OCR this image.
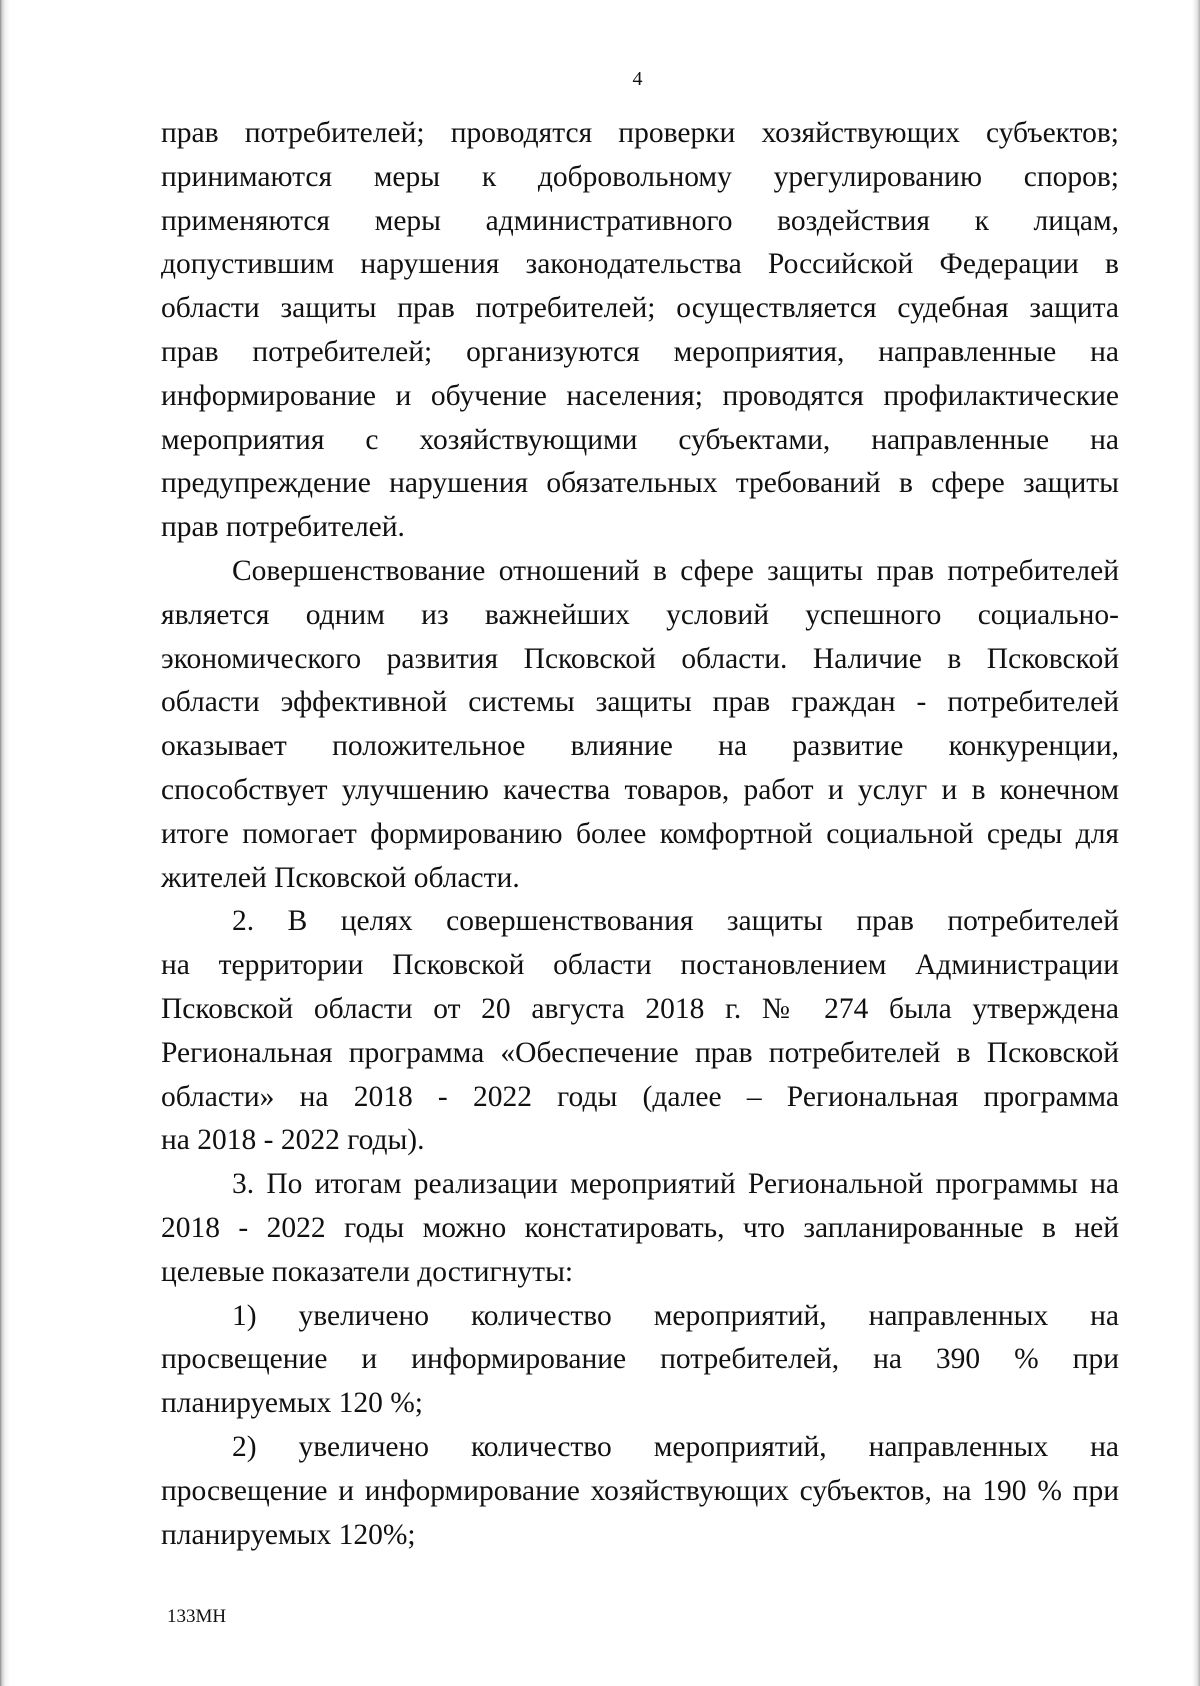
4

прав потребителей; проводятся проверки хозяйствующих субъектов;
принимаются меры к добровольному урегулированию споров;
применяются меры административного воздействия к лицам,
допустившим нарушения законодательства Российской Федерации в
области защиты прав потребителей; осуществляется судебная защита
прав потребителей; организуются мероприятия, направленные на
информирование и обучение населения; проводятся профилактические
мероприятия с хозяйствующими субъектами, направленные на
предупреждение нарушения обязательных требований в сфере защиты
прав потребителей.

Совершенствование отношений в сфере защиты прав потребителей
является одним из важнейших условий успешного социально-
экономического развития Псковской области. Наличие в Псковской
области эффективной системы защиты прав граждан - потребителей
оказывает положительное влияние на развитие конкуренции,
способствует улучшению качества товаров, работ и услуг и в конечном
итоге помогает формированию более комфортной социальной среды для
жителей Псковской области.

2. В целях совершенствования защиты прав потребителей
на территории Псковской области постановлением Администрации
Псковской области от 20 августа 2018 г. № 274 была утверждена
Региональная программа «Обеспечение прав потребителей в Псковской
области» на 2018 - 2022 годы (далее – Региональная программа
на 2018 - 2022 годы).

3. По итогам реализации мероприятий Региональной программы на
2018 - 2022 годы можно констатировать, что запланированные в ней
целевые показатели достигнуты:

1) увеличено количество мероприятий, направленных на
просвещение и информирование потребителей, на 390 % при
планируемых 120 %;

2) увеличено количество мероприятий, направленных на
просвещение и информирование хозяйствующих субъектов, на 190 % при
планируемых 120%;

133МН
